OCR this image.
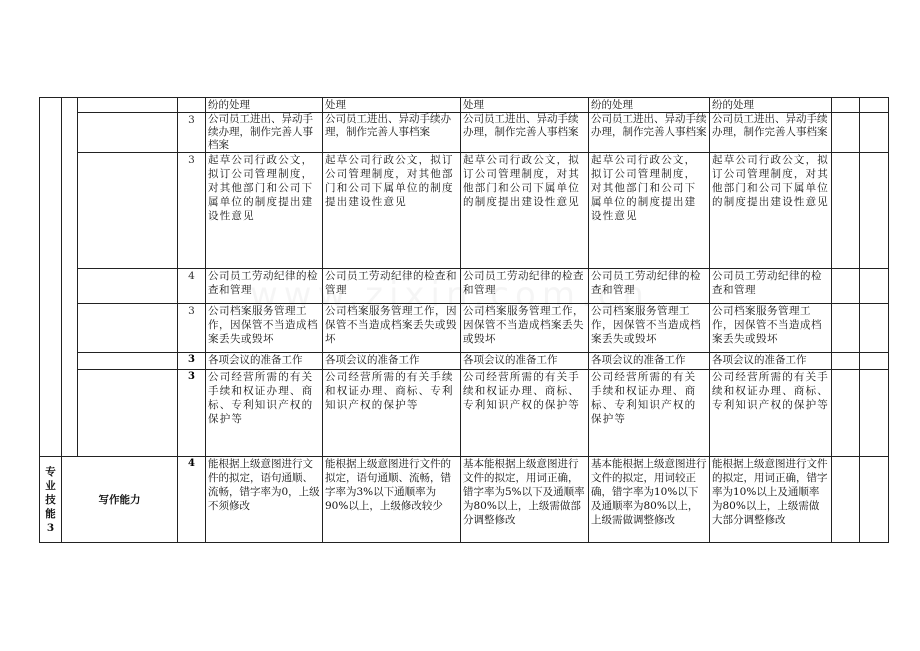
				纷的处理	处理	处理	纷的处理	纷的处理		
			3	公司员工进出、异动手续办理，制作完善人事档案	公司员工进出、异动手续办理，制作完善人事档案	公司员工进出、异动手续办理，制作完善人事档案	公司员工进出、异动手续办理，制作完善人事档案	公司员工进出、异动手续办理，制作完善人事档案		
			3	起草公司行政公文，拟订公司管理制度，对其他部门和公司下属单位的制度提出建设性意见	起草公司行政公文，拟订公司管理制度，对其他部门和公司下属单位的制度提出建设性意见	起草公司行政公文，拟订公司管理制度，对其他部门和公司下属单位的制度提出建设性意见	起草公司行政公文，拟订公司管理制度，对其他部门和公司下属单位的制度提出建设性意见	起草公司行政公文，拟订公司管理制度，对其他部门和公司下属单位的制度提出建设性意见		
			4	公司员工劳动纪律的检查和管理	公司员工劳动纪律的检查和管理	公司员工劳动纪律的检查和管理	公司员工劳动纪律的检查和管理	公司员工劳动纪律的检查和管理		
			3	公司档案服务管理工作，因保管不当造成档案丢失或毁坏	公司档案服务管理工作，因保管不当造成档案丢失或毁坏	公司档案服务管理工作，因保管不当造成档案丢失或毁坏	公司档案服务管理工作，因保管不当造成档案丢失或毁坏	公司档案服务管理工作，因保管不当造成档案丢失或毁坏		
			3	各项会议的准备工作	各项会议的准备工作	各项会议的准备工作	各项会议的准备工作	各项会议的准备工作		
			3	公司经营所需的有关手续和权证办理、商标、专利知识产权的保护等	公司经营所需的有关手续和权证办理、商标、专利知识产权的保护等	公司经营所需的有关手续和权证办理、商标、专利知识产权的保护等	公司经营所需的有关手续和权证办理、商标、专利知识产权的保护等	公司经营所需的有关手续和权证办理、商标、专利知识产权的保护等		
专业技能3	写作能力		4	能根据上级意图进行文件的拟定，语句通顺、流畅，错字率为0，上级不须修改	能根据上级意图进行文件的拟定，语句通顺、流畅，错字率为3%以下通顺率为90%以上，上级修改较少	基本能根据上级意图进行文件的拟定，用词正确，错字率为5%以下及通顺率为80%以上，上级需做部分调整修改	基本能根据上级意图进行文件的拟定，用词较正确，错字率为10%以下及通顺率为80%以上，上级需做调整修改	能根据上级意图进行文件的拟定，用词正确，错字率为10%以上及通顺率为80%以上，上级需做大部分调整修改		
